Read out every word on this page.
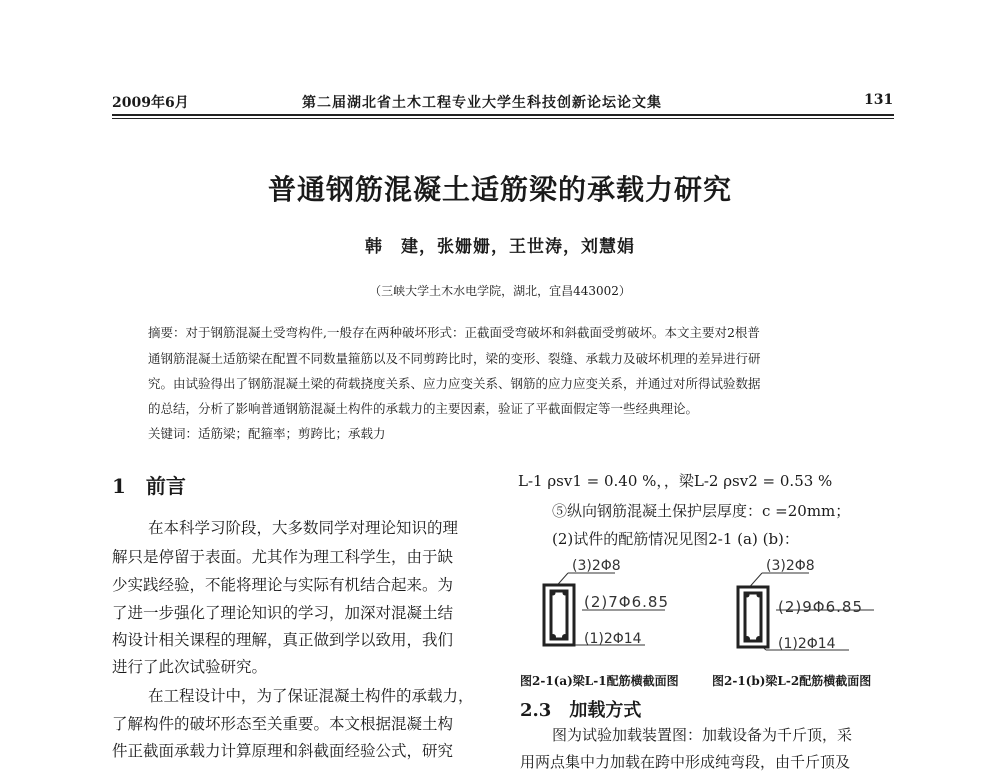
2009年6月	第二届湖北省土木工程专业大学生科技创新论坛论文集	131
普通钢筋混凝土适筋梁的承载力研究
韩　建，张姗姗，王世涛，刘慧娟
（三峡大学土木水电学院，湖北，宜昌443002）
摘要：对于钢筋混凝土受弯构件,一般存在两种破坏形式：正截面受弯破坏和斜截面受剪破坏。本文主要对2根普
通钢筋混凝土适筋梁在配置不同数量箍筋以及不同剪跨比时，梁的变形、裂缝、承载力及破坏机理的差异进行研
究。由试验得出了钢筋混凝土梁的荷载挠度关系、应力应变关系、钢筋的应力应变关系，并通过对所得试验数据
的总结，分析了影响普通钢筋混凝土构件的承载力的主要因素，验证了平截面假定等一些经典理论。
关键词：适筋梁；配箍率；剪跨比；承载力
1　前言
在本科学习阶段，大多数同学对理论知识的理
解只是停留于表面。尤其作为理工科学生，由于缺
少实践经验，不能将理论与实际有机结合起来。为
了进一步强化了理论知识的学习，加深对混凝土结
构设计相关课程的理解，真正做到学以致用，我们
进行了此次试验研究。
在工程设计中，为了保证混凝土构件的承载力，
了解构件的破坏形态至关重要。本文根据混凝土构
件正截面承载力计算原理和斜截面经验公式，研究
L-1 ρsv1 = 0.40 %，，梁L-2 ρsv2 = 0.53 %
⑤纵向钢筋混凝土保护层厚度：c =20mm；
(2)试件的配筋情况见图2-1 (a) (b)：
(3)2Φ8
(2)7Φ6.85
(1)2Φ14
(3)2Φ8
(2)9Φ6.85
(1)2Φ14
图2-1(a)梁L-1配筋横截面图	图2-1(b)梁L-2配筋横截面图
2.3　加载方式
图为试验加载装置图：加载设备为千斤顶，采
用两点集中力加载在跨中形成纯弯段，由千斤顶及
